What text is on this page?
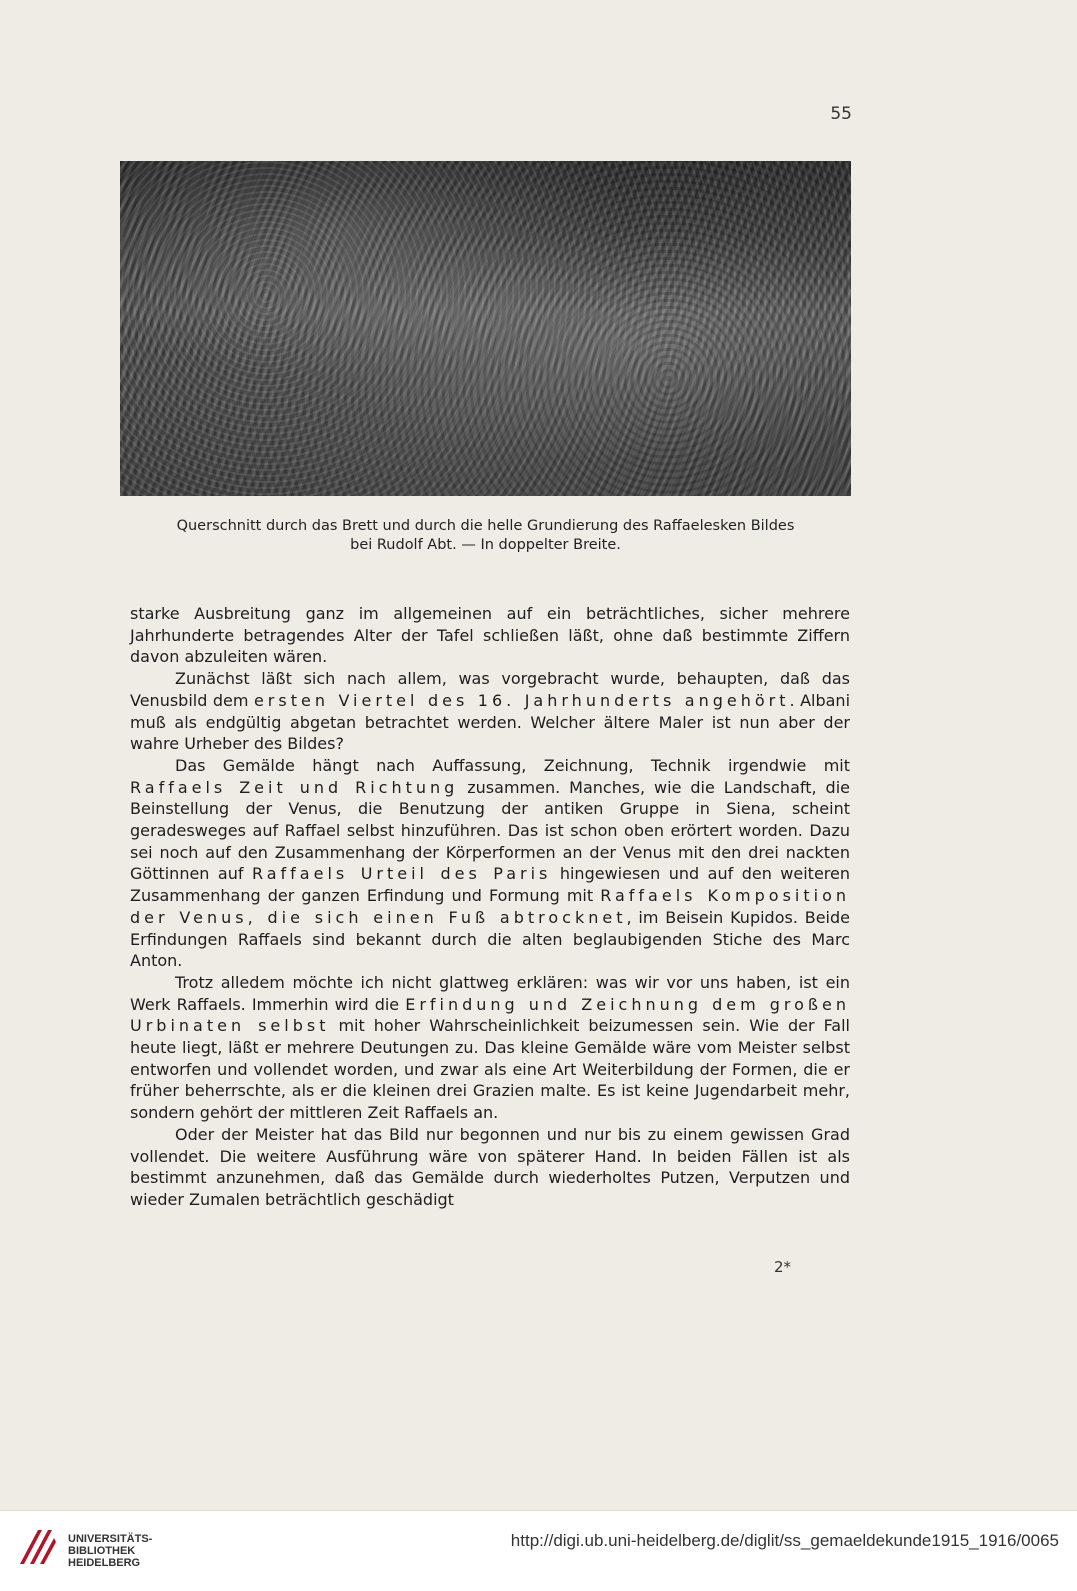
55
Querschnitt durch das Brett und durch die helle Grundierung des Raffaelesken Bildes
bei Rudolf Abt. — In doppelter Breite.

starke Ausbreitung ganz im allgemeinen auf ein beträchtliches, sicher mehrere Jahrhunderte betragendes Alter der Tafel schließen läßt, ohne daß bestimmte Ziffern davon abzuleiten wären.

Zunächst läßt sich nach allem, was vorgebracht wurde, behaupten, daß das Venusbild dem ersten Viertel des 16. Jahrhunderts angehört. Albani muß als endgültig abgetan betrachtet werden. Welcher ältere Maler ist nun aber der wahre Urheber des Bildes?

Das Gemälde hängt nach Auffassung, Zeichnung, Technik irgendwie mit Raffaels Zeit und Richtung zusammen. Manches, wie die Landschaft, die Beinstellung der Venus, die Benutzung der antiken Gruppe in Siena, scheint geradesweges auf Raffael selbst hinzuführen. Das ist schon oben erörtert worden. Dazu sei noch auf den Zusammenhang der Körperformen an der Venus mit den drei nackten Göttinnen auf Raffaels Urteil des Paris hingewiesen und auf den weiteren Zusammenhang der ganzen Erfindung und Formung mit Raffaels Komposition der Venus, die sich einen Fuß abtrocknet, im Beisein Kupidos. Beide Erfindungen Raffaels sind bekannt durch die alten beglaubigenden Stiche des Marc Anton.

Trotz alledem möchte ich nicht glattweg erklären: was wir vor uns haben, ist ein Werk Raffaels. Immerhin wird die Erfindung und Zeichnung dem großen Urbinaten selbst mit hoher Wahrscheinlichkeit beizumessen sein. Wie der Fall heute liegt, läßt er mehrere Deutungen zu. Das kleine Gemälde wäre vom Meister selbst entworfen und vollendet worden, und zwar als eine Art Weiterbildung der Formen, die er früher beherrschte, als er die kleinen drei Grazien malte. Es ist keine Jugendarbeit mehr, sondern gehört der mittleren Zeit Raffaels an.

Oder der Meister hat das Bild nur begonnen und nur bis zu einem gewissen Grad vollendet. Die weitere Ausführung wäre von späterer Hand. In beiden Fällen ist als bestimmt anzunehmen, daß das Gemälde durch wiederholtes Putzen, Verputzen und wieder Zumalen beträchtlich geschädigt

2*
UNIVERSITÄTS-
BIBLIOTHEK
HEIDELBERG
http://digi.ub.uni-heidelberg.de/diglit/ss_gemaeldekunde1915_1916/0065
